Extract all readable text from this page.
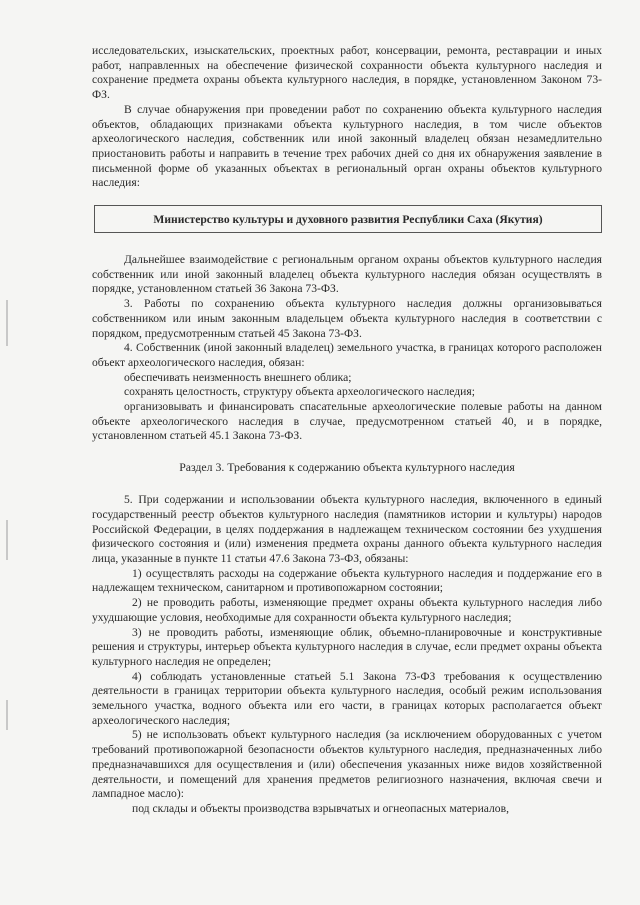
исследовательских, изыскательских, проектных работ, консервации, ремонта, реставрации и иных работ, направленных на обеспечение физической сохранности объекта культурного наследия и сохранение предмета охраны объекта культурного наследия, в порядке, установленном Законом 73-ФЗ.

В случае обнаружения при проведении работ по сохранению объекта культурного наследия объектов, обладающих признаками объекта культурного наследия, в том числе объектов археологического наследия, собственник или иной законный владелец обязан незамедлительно приостановить работы и направить в течение трех рабочих дней со дня их обнаружения заявление в письменной форме об указанных объектах в региональный орган охраны объектов культурного наследия:

Министерство культуры и духовного развития Республики Саха (Якутия)

Дальнейшее взаимодействие с региональным органом охраны объектов культурного наследия собственник или иной законный владелец объекта культурного наследия обязан осуществлять в порядке, установленном статьей 36 Закона 73-ФЗ.

3. Работы по сохранению объекта культурного наследия должны организовываться собственником или иным законным владельцем объекта культурного наследия в соответствии с порядком, предусмотренным статьей 45 Закона 73-ФЗ.

4. Собственник (иной законный владелец) земельного участка, в границах которого расположен объект археологического наследия, обязан:

обеспечивать неизменность внешнего облика;

сохранять целостность, структуру объекта археологического наследия;

организовывать и финансировать спасательные археологические полевые работы на данном объекте археологического наследия в случае, предусмотренном статьей 40, и в порядке, установленном статьей 45.1 Закона 73-ФЗ.

Раздел 3. Требования к содержанию объекта культурного наследия

5. При содержании и использовании объекта культурного наследия, включенного в единый государственный реестр объектов культурного наследия (памятников истории и культуры) народов Российской Федерации, в целях поддержания в надлежащем техническом состоянии без ухудшения физического состояния и (или) изменения предмета охраны данного объекта культурного наследия лица, указанные в пункте 11 статьи 47.6 Закона 73-ФЗ, обязаны:

1) осуществлять расходы на содержание объекта культурного наследия и поддержание его в надлежащем техническом, санитарном и противопожарном состоянии;

2) не проводить работы, изменяющие предмет охраны объекта культурного наследия либо ухудшающие условия, необходимые для сохранности объекта культурного наследия;

3) не проводить работы, изменяющие облик, объемно-планировочные и конструктивные решения и структуры, интерьер объекта культурного наследия в случае, если предмет охраны объекта культурного наследия не определен;

4) соблюдать установленные статьей 5.1 Закона 73-ФЗ требования к осуществлению деятельности в границах территории объекта культурного наследия, особый режим использования земельного участка, водного объекта или его части, в границах которых располагается объект археологического наследия;

5) не использовать объект культурного наследия (за исключением оборудованных с учетом требований противопожарной безопасности объектов культурного наследия, предназначенных либо предназначавшихся для осуществления и (или) обеспечения указанных ниже видов хозяйственной деятельности, и помещений для хранения предметов религиозного назначения, включая свечи и лампадное масло):

под склады и объекты производства взрывчатых и огнеопасных материалов,
